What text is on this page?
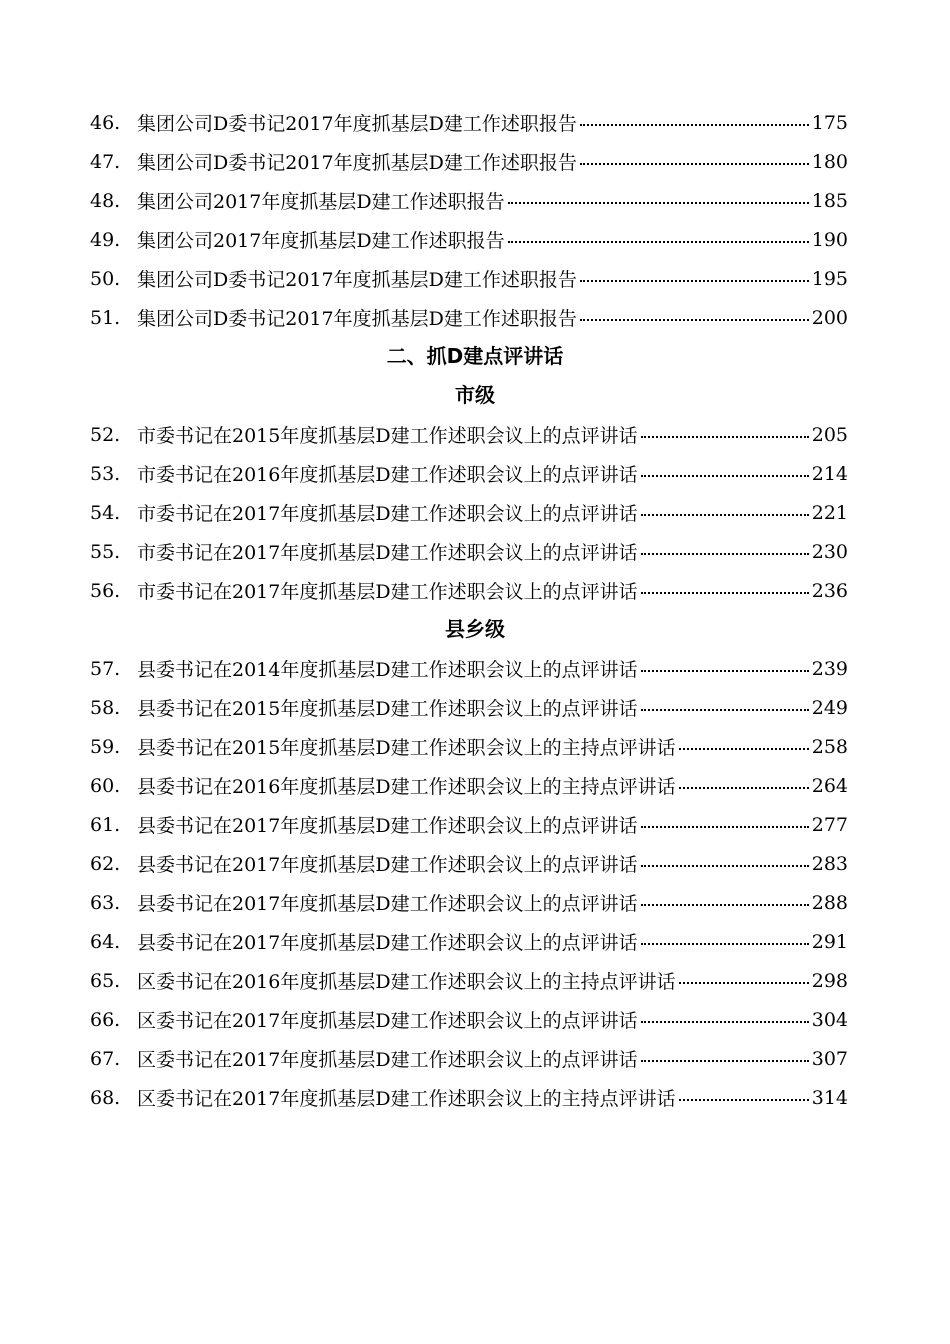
46. 集团公司D委书记2017年度抓基层D建工作述职报告	175
47. 集团公司D委书记2017年度抓基层D建工作述职报告	180
48. 集团公司2017年度抓基层D建工作述职报告	185
49. 集团公司2017年度抓基层D建工作述职报告	190
50. 集团公司D委书记2017年度抓基层D建工作述职报告	195
51. 集团公司D委书记2017年度抓基层D建工作述职报告	200
二、抓D建点评讲话
市级
52. 市委书记在2015年度抓基层D建工作述职会议上的点评讲话	205
53. 市委书记在2016年度抓基层D建工作述职会议上的点评讲话	214
54. 市委书记在2017年度抓基层D建工作述职会议上的点评讲话	221
55. 市委书记在2017年度抓基层D建工作述职会议上的点评讲话	230
56. 市委书记在2017年度抓基层D建工作述职会议上的点评讲话	236
县乡级
57. 县委书记在2014年度抓基层D建工作述职会议上的点评讲话	239
58. 县委书记在2015年度抓基层D建工作述职会议上的点评讲话	249
59. 县委书记在2015年度抓基层D建工作述职会议上的主持点评讲话	258
60. 县委书记在2016年度抓基层D建工作述职会议上的主持点评讲话	264
61. 县委书记在2017年度抓基层D建工作述职会议上的点评讲话	277
62. 县委书记在2017年度抓基层D建工作述职会议上的点评讲话	283
63. 县委书记在2017年度抓基层D建工作述职会议上的点评讲话	288
64. 县委书记在2017年度抓基层D建工作述职会议上的点评讲话	291
65. 区委书记在2016年度抓基层D建工作述职会议上的主持点评讲话	298
66. 区委书记在2017年度抓基层D建工作述职会议上的点评讲话	304
67. 区委书记在2017年度抓基层D建工作述职会议上的点评讲话	307
68. 区委书记在2017年度抓基层D建工作述职会议上的主持点评讲话	314
